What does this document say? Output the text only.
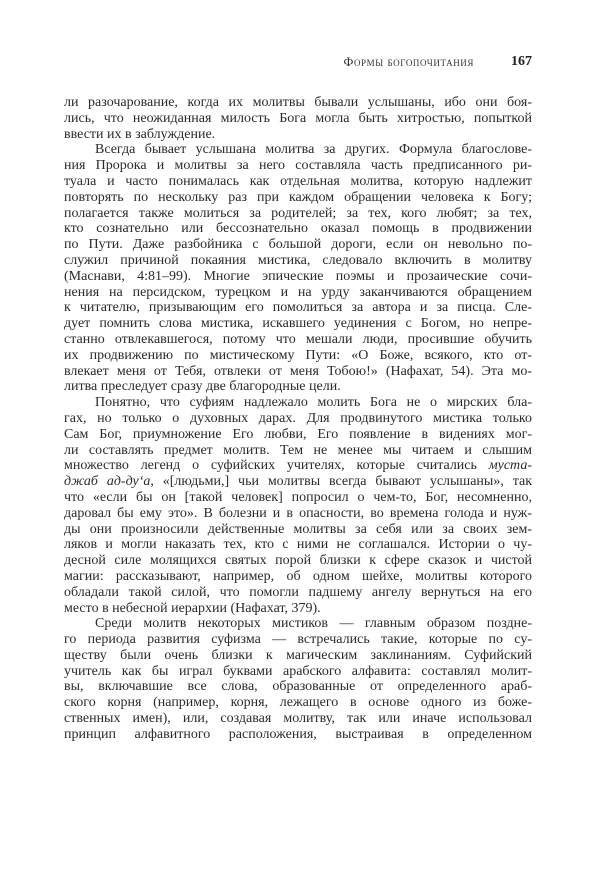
Формы богопочитания	167
ли разочарование, когда их молитвы бывали услышаны, ибо они боя-
лись, что неожиданная милость Бога могла быть хитростью, попыткой
ввести их в заблуждение.
Всегда бывает услышана молитва за других. Формула благослове-
ния Пророка и молитвы за него составляла часть предписанного ри-
туала и часто понималась как отдельная молитва, которую надлежит
повторять по нескольку раз при каждом обращении человека к Богу;
полагается также молиться за родителей; за тех, кого любят; за тех,
кто сознательно или бессознательно оказал помощь в продвижении
по Пути. Даже разбойника с большой дороги, если он невольно по-
служил причиной покаяния мистика, следовало включить в молитву
(Маснави, 4:81–99). Многие эпические поэмы и прозаические сочи-
нения на персидском, турецком и на урду заканчиваются обращением
к читателю, призывающим его помолиться за автора и за писца. Сле-
дует помнить слова мистика, искавшего уединения с Богом, но непре-
станно отвлекавшегося, потому что мешали люди, просившие обучить
их продвижению по мистическому Пути: «О Боже, всякого, кто от-
влекает меня от Тебя, отвлеки от меня Тобою!» (Нафахат, 54). Эта мо-
литва преследует сразу две благородные цели.
Понятно, что суфиям надлежало молить Бога не о мирских бла-
гах, но только о духовных дарах. Для продвинутого мистика только
Сам Бог, приумножение Его любви, Его появление в видениях мог-
ли составлять предмет молитв. Тем не менее мы читаем и слышим
множество легенд о суфийских учителях, которые считались муста-
джаб ад-ду‘а, «[людьми,] чьи молитвы всегда бывают услышаны», так
что «если бы он [такой человек] попросил о чем-то, Бог, несомненно,
даровал бы ему это». В болезни и в опасности, во времена голода и нуж-
ды они произносили действенные молитвы за себя или за своих зем-
ляков и могли наказать тех, кто с ними не соглашался. Истории о чу-
десной силе молящихся святых порой близки к сфере сказок и чистой
магии: рассказывают, например, об одном шейхе, молитвы которого
обладали такой силой, что помогли падшему ангелу вернуться на его
место в небесной иерархии (Нафахат, 379).
Среди молитв некоторых мистиков — главным образом поздне-
го периода развития суфизма — встречались такие, которые по су-
ществу были очень близки к магическим заклинаниям. Суфийский
учитель как бы играл буквами арабского алфавита: составлял молит-
вы, включавшие все слова, образованные от определенного араб-
ского корня (например, корня, лежащего в основе одного из боже-
ственных имен), или, создавая молитву, так или иначе использовал
принцип алфавитного расположения, выстраивая в определенном
